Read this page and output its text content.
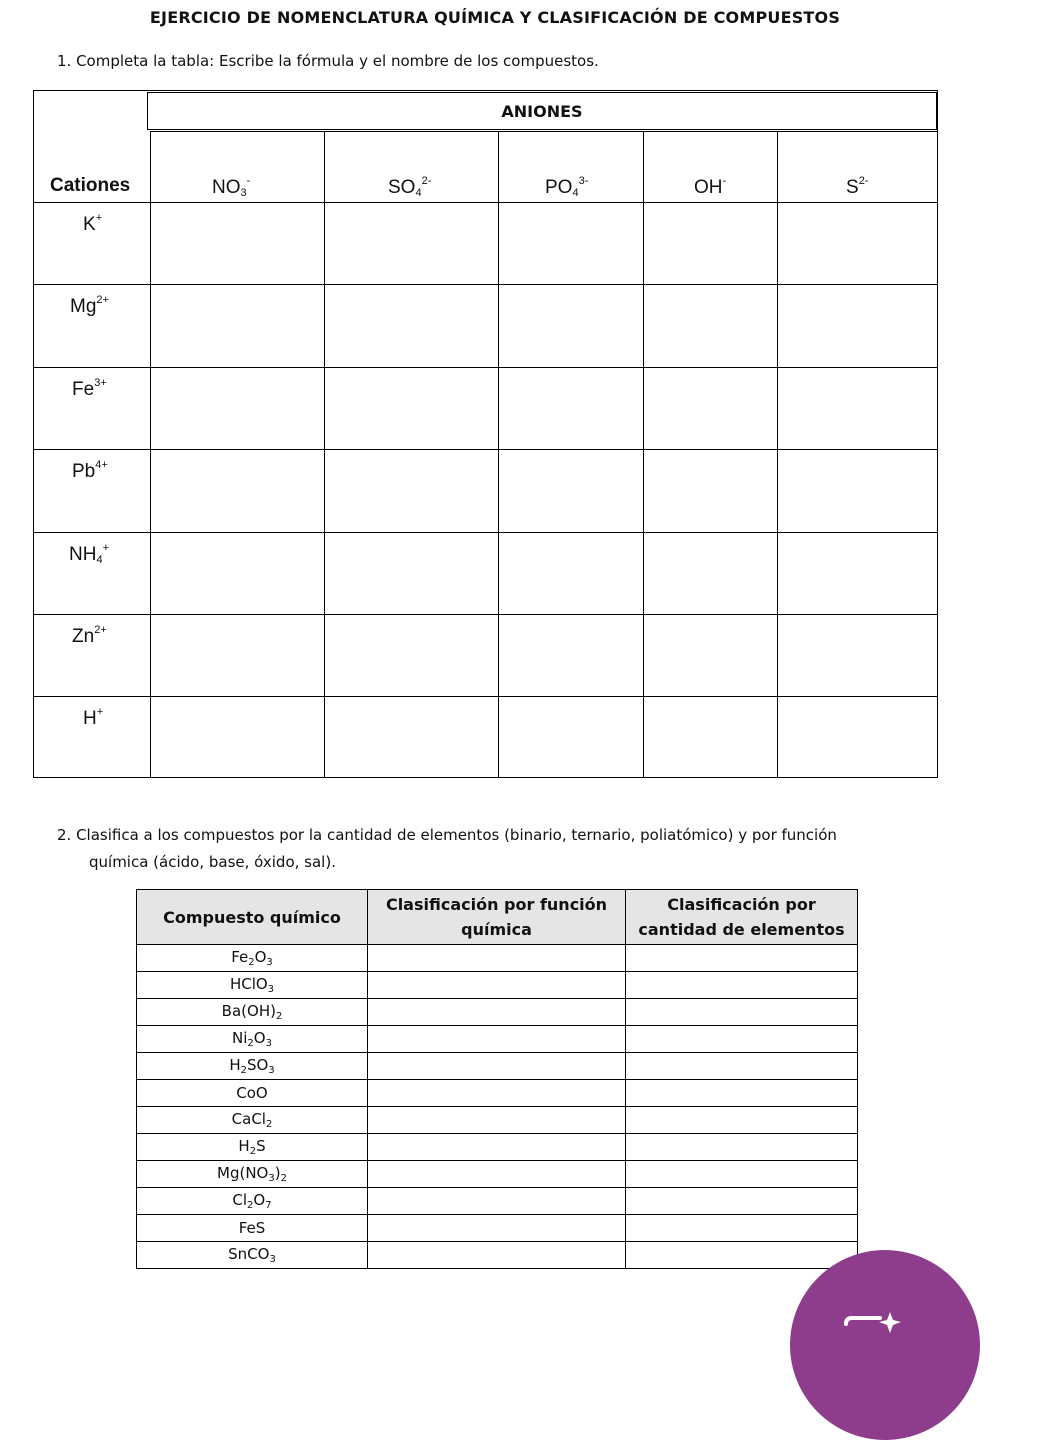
EJERCICIO DE NOMENCLATURA QUÍMICA Y CLASIFICACIÓN DE COMPUESTOS
1. Completa la tabla: Escribe la fórmula y el nombre de los compuestos.
ANIONES
Cationes	$NO_3^-$	$SO_4^{2-}$	$PO_4^{3-}$	OH-	$S^{2-}$
K+
$Mg^{2+}$
$Fe^{3+}$
$Pb^{4+}$
$NH_4^+$
$Zn^{2+}$
H+
2. Clasifica a los compuestos por la cantidad de elementos (binario, ternario, poliatómico) y por función
química (ácido, base, óxido, sal).
Compuesto químico	Clasificación por función química	Clasificación por cantidad de elementos
$Fe_2O_3$		
HClO$_3$		
$Ba(OH)_2$		
$Ni_2O_3$		
$H_2SO_3$		
CoO		
CaCl$_2$		
$H_2S$		
$Mg(NO_3)_2$		
$Cl_2O_7$		
FeS		
SnCO$_3$		
